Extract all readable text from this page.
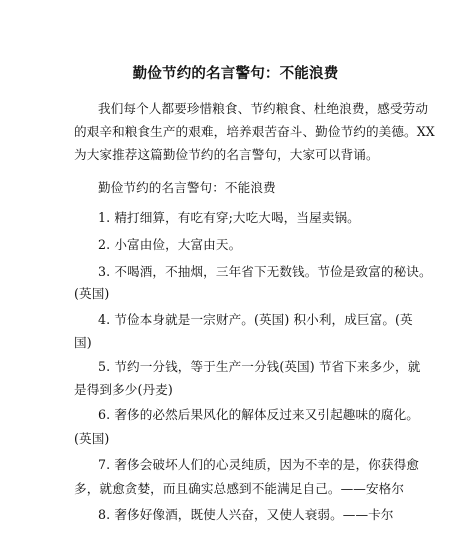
勤俭节约的名言警句：不能浪费
我们每个人都要珍惜粮食、节约粮食、杜绝浪费，感受劳动
的艰辛和粮食生产的艰难，培养艰苦奋斗、勤俭节约的美德。XX
为大家推荐这篇勤俭节约的名言警句，大家可以背诵。
勤俭节约的名言警句：不能浪费
1. 精打细算，有吃有穿;大吃大喝，当屋卖锅。
2. 小富由俭，大富由天。
3. 不喝酒，不抽烟，三年省下无数钱。节俭是致富的秘诀。
(英国)
4. 节俭本身就是一宗财产。(英国) 积小利，成巨富。(英
国)
5. 节约一分钱，等于生产一分钱(英国) 节省下来多少，就
是得到多少(丹麦)
6. 奢侈的必然后果风化的解体反过来又引起趣味的腐化。
(英国)
7. 奢侈会破坏人们的心灵纯质，因为不幸的是，你获得愈
多，就愈贪婪，而且确实总感到不能满足自己。——安格尔
8. 奢侈好像酒，既使人兴奋，又使人衰弱。——卡尔
